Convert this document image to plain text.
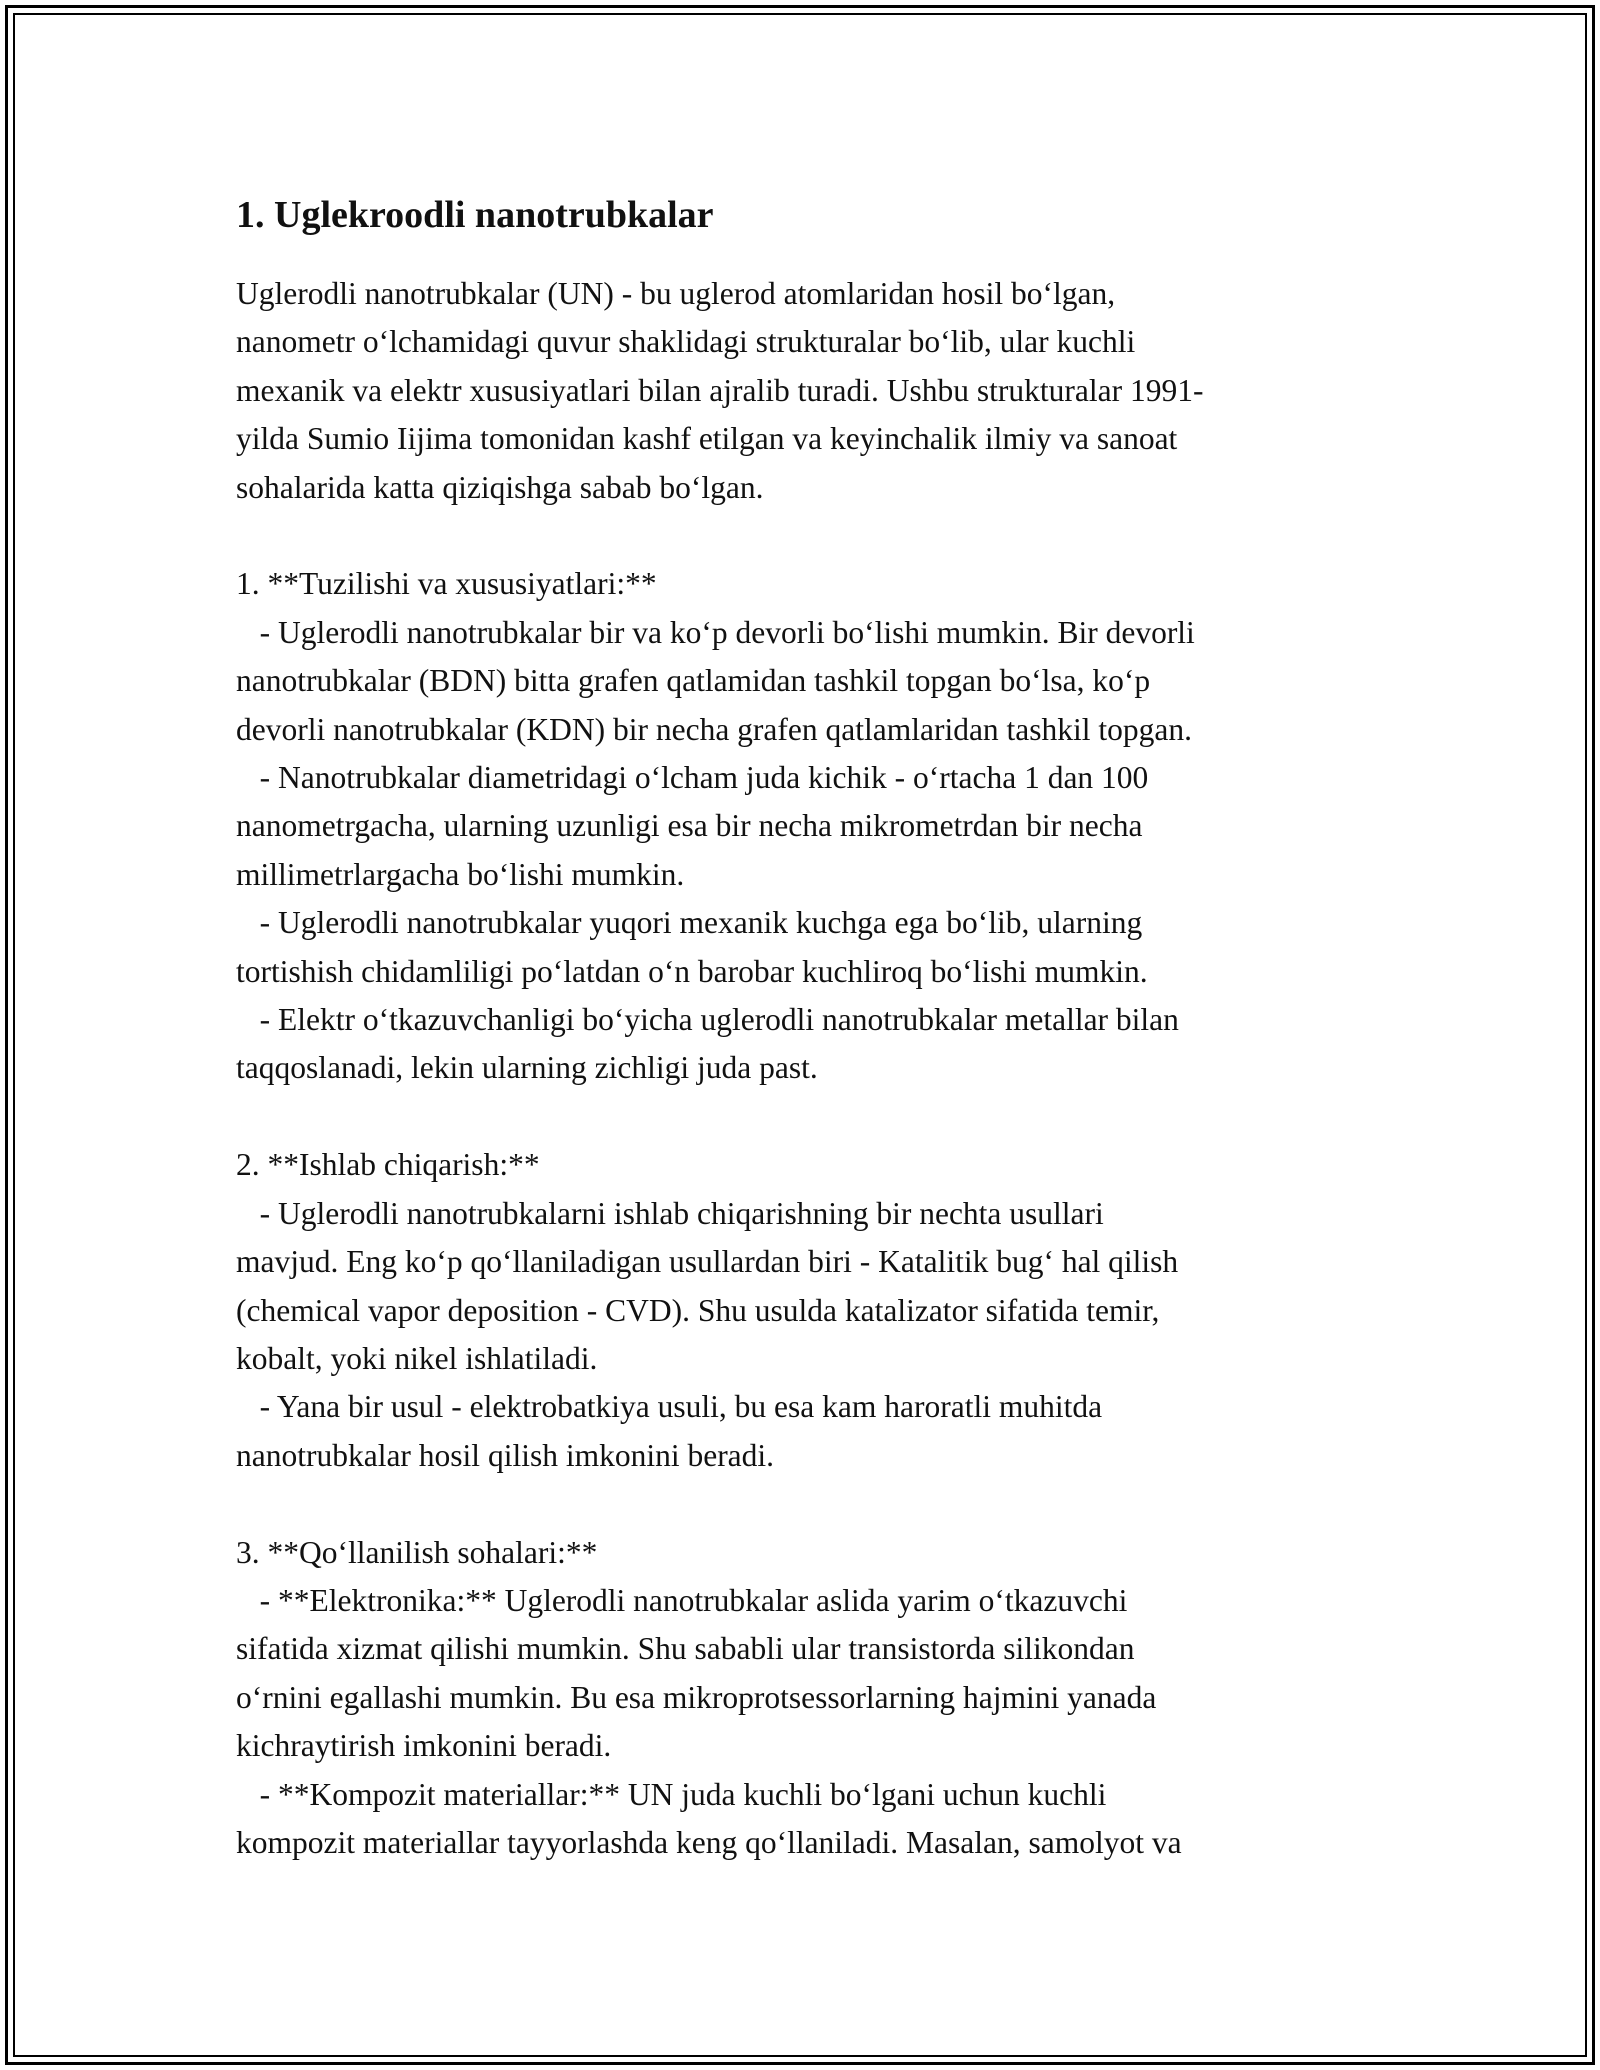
1. Uglekroodli nanotrubkalar

Uglerodli nanotrubkalar (UN) - bu uglerod atomlaridan hosil bo‘lgan,
nanometr o‘lchamidagi quvur shaklidagi strukturalar bo‘lib, ular kuchli
mexanik va elektr xususiyatlari bilan ajralib turadi. Ushbu strukturalar 1991-
yilda Sumio Iijima tomonidan kashf etilgan va keyinchalik ilmiy va sanoat
sohalarida katta qiziqishga sabab bo‘lgan.

1. **Tuzilishi va xususiyatlari:**
- Uglerodli nanotrubkalar bir va ko‘p devorli bo‘lishi mumkin. Bir devorli
nanotrubkalar (BDN) bitta grafen qatlamidan tashkil topgan bo‘lsa, ko‘p
devorli nanotrubkalar (KDN) bir necha grafen qatlamlaridan tashkil topgan.
- Nanotrubkalar diametridagi o‘lcham juda kichik - o‘rtacha 1 dan 100
nanometrgacha, ularning uzunligi esa bir necha mikrometrdan bir necha
millimetrlargacha bo‘lishi mumkin.
- Uglerodli nanotrubkalar yuqori mexanik kuchga ega bo‘lib, ularning
tortishish chidamliligi po‘latdan o‘n barobar kuchliroq bo‘lishi mumkin.
- Elektr o‘tkazuvchanligi bo‘yicha uglerodli nanotrubkalar metallar bilan
taqqoslanadi, lekin ularning zichligi juda past.

2. **Ishlab chiqarish:**
- Uglerodli nanotrubkalarni ishlab chiqarishning bir nechta usullari
mavjud. Eng ko‘p qo‘llaniladigan usullardan biri - Katalitik bug‘ hal qilish
(chemical vapor deposition - CVD). Shu usulda katalizator sifatida temir,
kobalt, yoki nikel ishlatiladi.
- Yana bir usul - elektrobatkiya usuli, bu esa kam haroratli muhitda
nanotrubkalar hosil qilish imkonini beradi.

3. **Qo‘llanilish sohalari:**
- **Elektronika:** Uglerodli nanotrubkalar aslida yarim o‘tkazuvchi
sifatida xizmat qilishi mumkin. Shu sababli ular transistorda silikondan
o‘rnini egallashi mumkin. Bu esa mikroprotsessorlarning hajmini yanada
kichraytirish imkonini beradi.
- **Kompozit materiallar:** UN juda kuchli bo‘lgani uchun kuchli
kompozit materiallar tayyorlashda keng qo‘llaniladi. Masalan, samolyot va
